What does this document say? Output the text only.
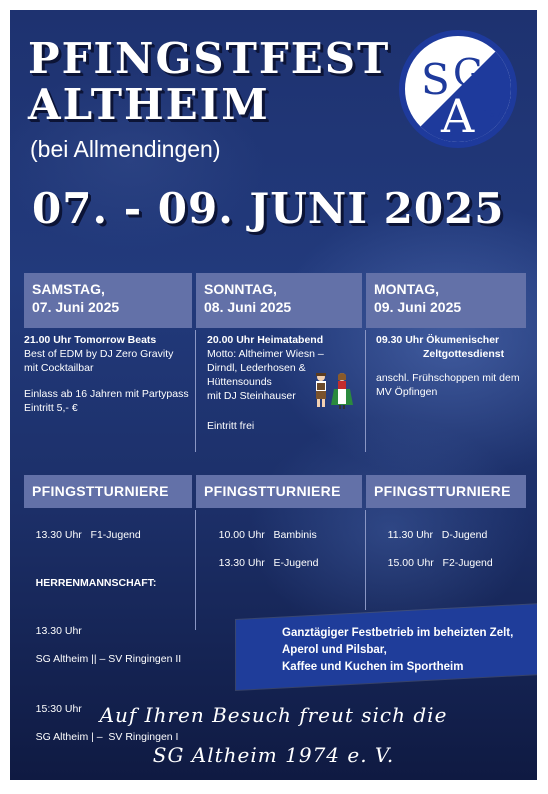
PFINGSTFEST
ALTHEIM
(bei Allmendingen)
07. - 09. JUNI 2025
S G
A 1974
SAMSTAG,
07. Juni 2025
SONNTAG,
08. Juni 2025
MONTAG,
09. Juni 2025
21.00 Uhr Tomorrow Beats
Best of EDM by DJ Zero Gravity
mit Cocktailbar
Einlass ab 16 Jahren mit Partypass
Eintritt 5,- €
20.00 Uhr Heimatabend
Motto: Altheimer Wiesn –
Dirndl, Lederhosen &
Hüttensounds
mit DJ Steinhauser
Eintritt frei
09.30 Uhr Ökumenischer
Zeltgottesdienst
anschl. Frühschoppen mit dem
MV Öpfingen
PFINGSTTURNIERE	PFINGSTTURNIERE	PFINGSTTURNIERE

13.30 Uhr   F1-Jugend

HERRENMANNSCHAFT:

13.30 Uhr

SG Altheim || – SV Ringingen II

15:30 Uhr

SG Altheim | –  SV Ringingen I

10.00 Uhr   Bambinis

13.30 Uhr   E-Jugend

11.30 Uhr   D-Jugend

15.00 Uhr   F2-Jugend

Ganztägiger Festbetrieb im beheizten Zelt,
Aperol und Pilsbar,
Kaffee und Kuchen im Sportheim
Auf Ihren Besuch freut sich die
SG Altheim 1974 e. V.
